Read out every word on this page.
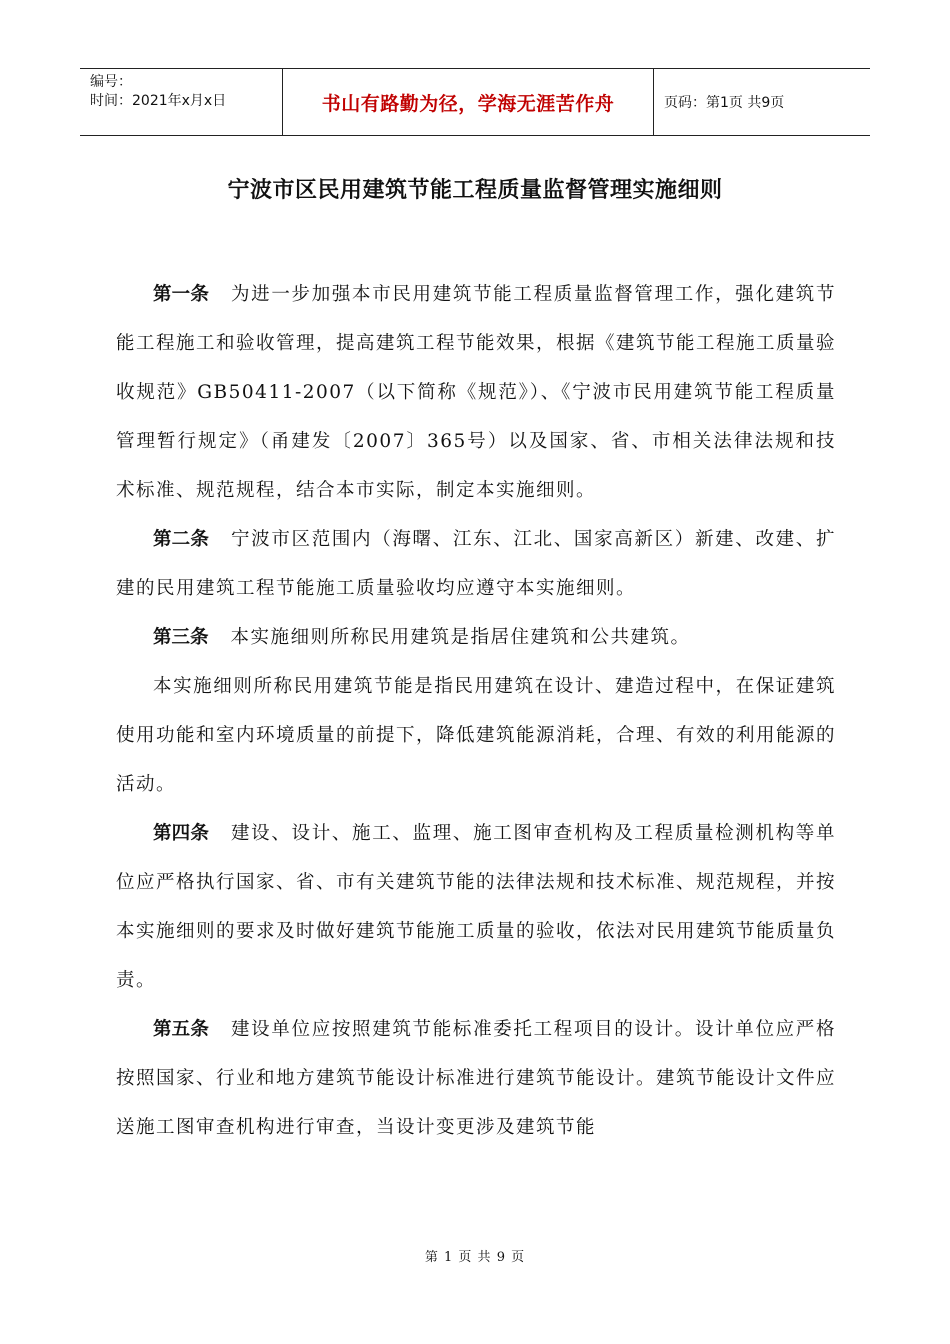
编号：
时间：2021年x月x日	书山有路勤为径，学海无涯苦作舟	页码：第1页 共9页
宁波市区民用建筑节能工程质量监督管理实施细则

第一条 为进一步加强本市民用建筑节能工程质量监督管理工作，强化建筑节能工程施工和验收管理，提高建筑工程节能效果，根据《建筑节能工程施工质量验收规范》GB50411-2007（以下简称《规范》）、《宁波市民用建筑节能工程质量管理暂行规定》（甬建发〔2007〕365号）以及国家、省、市相关法律法规和技术标准、规范规程，结合本市实际，制定本实施细则。

第二条 宁波市区范围内（海曙、江东、江北、国家高新区）新建、改建、扩建的民用建筑工程节能施工质量验收均应遵守本实施细则。

第三条 本实施细则所称民用建筑是指居住建筑和公共建筑。

本实施细则所称民用建筑节能是指民用建筑在设计、建造过程中，在保证建筑使用功能和室内环境质量的前提下，降低建筑能源消耗，合理、有效的利用能源的活动。

第四条 建设、设计、施工、监理、施工图审查机构及工程质量检测机构等单位应严格执行国家、省、市有关建筑节能的法律法规和技术标准、规范规程，并按本实施细则的要求及时做好建筑节能施工质量的验收，依法对民用建筑节能质量负责。

第五条 建设单位应按照建筑节能标准委托工程项目的设计。设计单位应严格按照国家、行业和地方建筑节能设计标准进行建筑节能设计。建筑节能设计文件应送施工图审查机构进行审查，当设计变更涉及建筑节能

第 1 页 共 9 页
